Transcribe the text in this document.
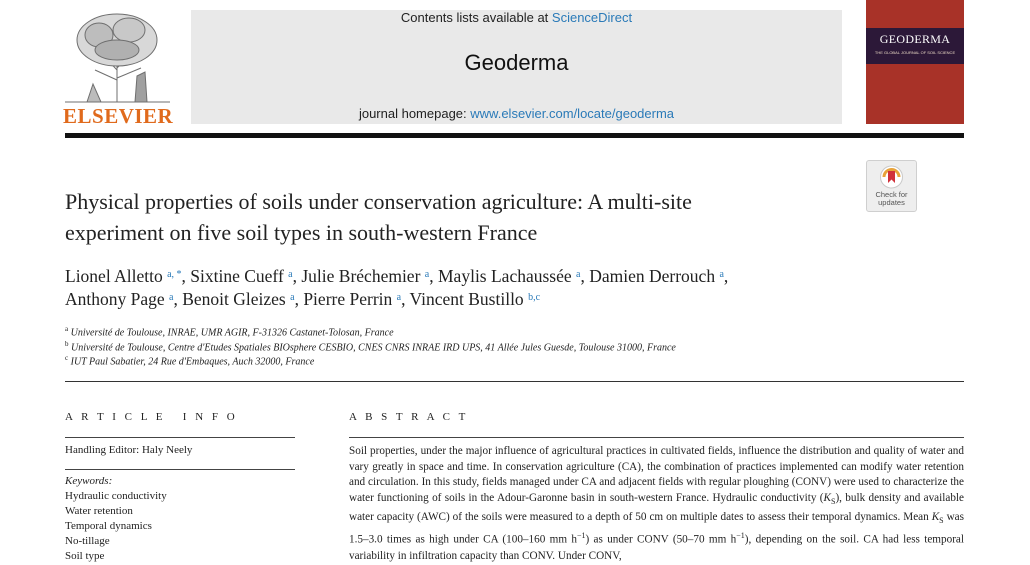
ELSEVIER
Contents lists available at ScienceDirect
Geoderma
journal homepage: www.elsevier.com/locate/geoderma
GEODERMA
THE GLOBAL JOURNAL OF SOIL SCIENCE
Physical properties of soils under conservation agriculture: A multi-site
experiment on five soil types in south-western France
Check for
updates
Lionel Alletto $^{a, *}$, Sixtine Cueff $^a$, Julie Bréchemier $^a$, Maylis Lachaussée $^a$, Damien Derrouch $^a$,
Anthony Page $^a$, Benoit Gleizes $^a$, Pierre Perrin $^a$, Vincent Bustillo $^{b,c}$
$^a$ Université de Toulouse, INRAE, UMR AGIR, F-31326 Castanet-Tolosan, France
$^b$ Université de Toulouse, Centre d'Etudes Spatiales BIOsphere CESBIO, CNES CNRS INRAE IRD UPS, 41 Allée Jules Guesde, Toulouse 31000, France
$^c$ IUT Paul Sabatier, 24 Rue d'Embaques, Auch 32000, France
A R T I C L E   I N F O
Handling Editor: Haly Neely
Keywords:
Hydraulic conductivity
Water retention
Temporal dynamics
No-tillage
Soil type
A B S T R A C T
Soil properties, under the major influence of agricultural practices in cultivated fields, influence the distribution and quality of water and vary greatly in space and time. In conservation agriculture (CA), the combination of practices implemented can modify water retention and circulation. In this study, fields managed under CA and adjacent fields with regular ploughing (CONV) were used to characterize the water functioning of soils in the Adour-Garonne basin in south-western France. Hydraulic conductivity $(K_S)$, bulk density and available water capacity (AWC) of the soils were measured to a depth of 50 cm on multiple dates to assess their temporal dynamics. Mean $K_S$ was 1.5–3.0 times as high under CA (100–160 mm $h^{-1}$) as under CONV (50–70 mm $h^{-1}$), depending on the soil. CA had less temporal variability in infiltration capacity than CONV. Under CONV,
